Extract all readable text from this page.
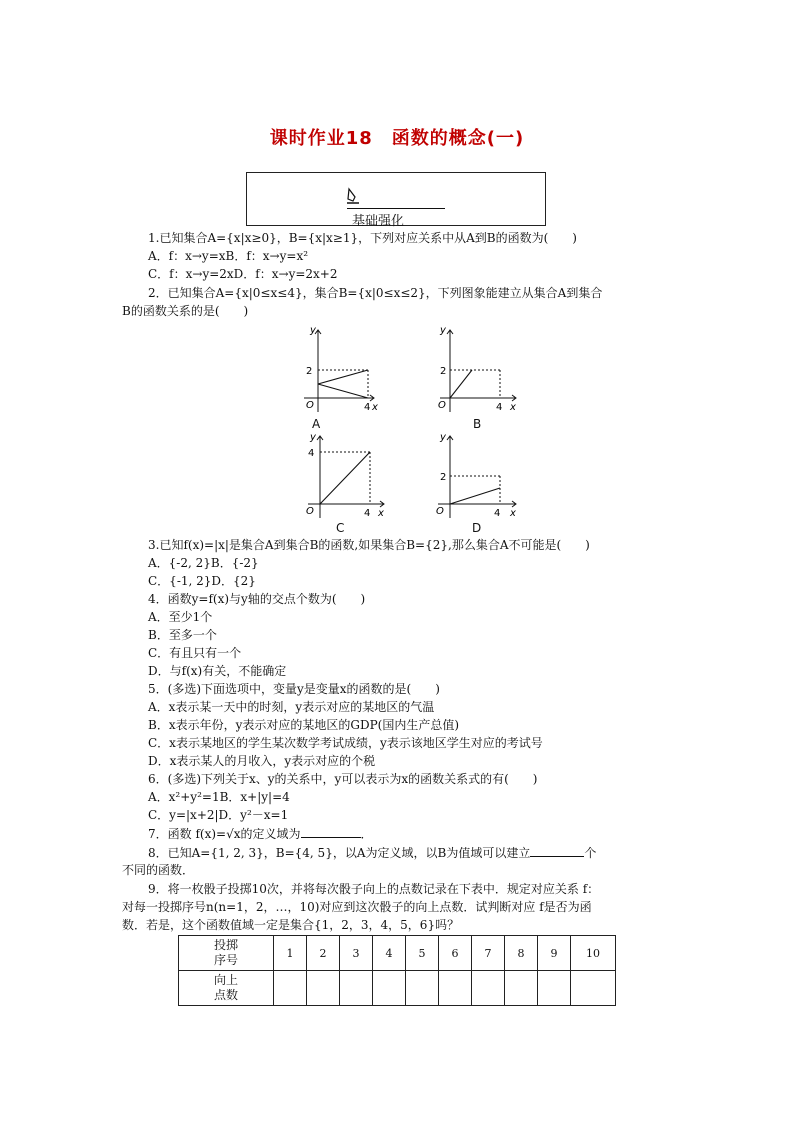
课时作业18　函数的概念(一)
基础强化
1.已知集合A={x|x≥0}，B={x|x≥1}，下列对应关系中从A到B的函数为(　　)
A．f：x→y=xB．f：x→y=x²
C．f：x→y=2xD．f：x→y=2x+2
2．已知集合A={x|0≤x≤4}，集合B={x|0≤x≤2}，下列图象能建立从集合A到集合
B的函数关系的是(　　)
y
2
O	4 x
A
y
2
O	4 x
B
y
4
O	4 x
C
y
2
O	4 x
D
3.已知f(x)=|x|是集合A到集合B的函数,如果集合B={2},那么集合A不可能是(　　)
A．{-2, 2}B．{-2}
C．{-1, 2}D．{2}
4．函数y=f(x)与y轴的交点个数为(　　)
A．至少1个
B．至多一个
C．有且只有一个
D．与f(x)有关，不能确定
5．(多选)下面选项中，变量y是变量x的函数的是(　　)
A．x表示某一天中的时刻，y表示对应的某地区的气温
B．x表示年份，y表示对应的某地区的GDP(国内生产总值)
C．x表示某地区的学生某次数学考试成绩，y表示该地区学生对应的考试号
D．x表示某人的月收入，y表示对应的个税
6．(多选)下列关于x、y的关系中，y可以表示为x的函数关系式的有(　　)
A．x²+y²=1B．x+|y|=4
C．y=|x+2|D．y²－x=1
7．函数 f(x)=√x的定义域为	．
8．已知A={1, 2, 3}，B={4, 5}，以A为定义域，以B为值域可以建立	个
不同的函数．
9．将一枚骰子投掷10次，并将每次骰子向上的点数记录在下表中．规定对应关系 f：
对每一投掷序号n(n=1，2，…，10)对应到这次骰子的向上点数．试判断对应 f是否为函
数．若是，这个函数值域一定是集合{1，2，3，4，5，6}吗？
投掷
序号	1	2	3	4	5	6	7	8	9	10
向上
点数										
